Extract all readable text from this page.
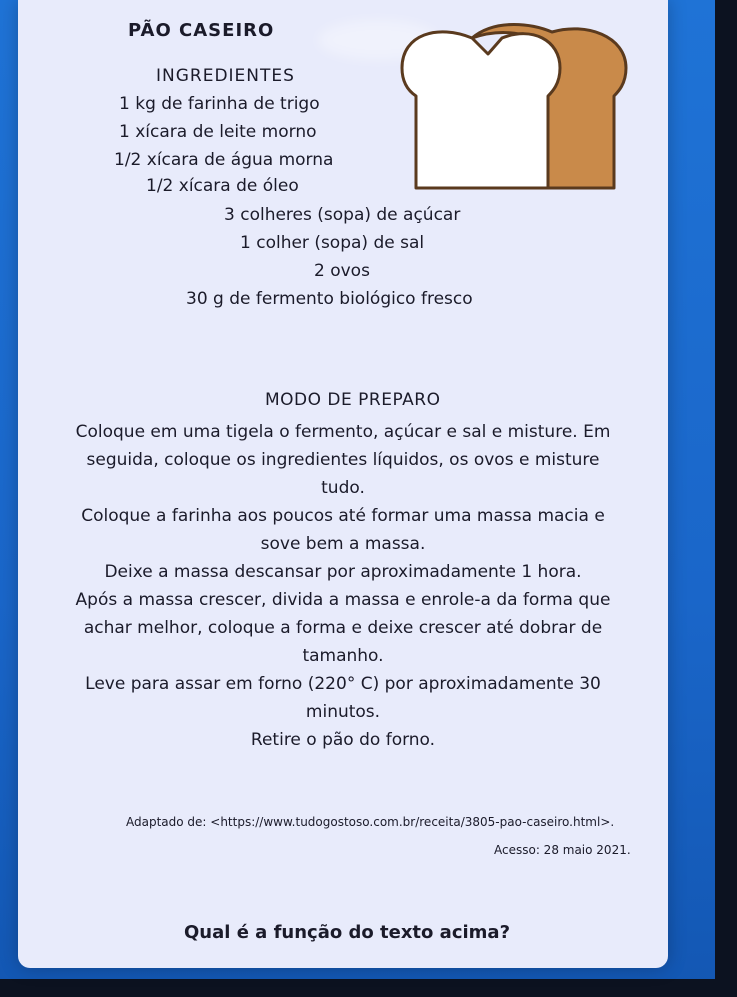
PÃO CASEIRO
INGREDIENTES
1 kg de farinha de trigo
1 xícara de leite morno
1/2 xícara de água morna
1/2 xícara de óleo
3 colheres (sopa) de açúcar
1 colher (sopa) de sal
2 ovos
30 g de fermento biológico fresco
MODO DE PREPARO

Coloque em uma tigela o fermento, açúcar e sal e misture. Em

seguida, coloque os ingredientes líquidos, os ovos e misture

tudo.

Coloque a farinha aos poucos até formar uma massa macia e

sove bem a massa.

Deixe a massa descansar por aproximadamente 1 hora.

Após a massa crescer, divida a massa e enrole-a da forma que

achar melhor, coloque a forma e deixe crescer até dobrar de

tamanho.

Leve para assar em forno (220° C) por aproximadamente 30

minutos.

Retire o pão do forno.

Adaptado de: <https://www.tudogostoso.com.br/receita/3805-pao-caseiro.html>.
Acesso: 28 maio 2021.
Qual é a função do texto acima?
